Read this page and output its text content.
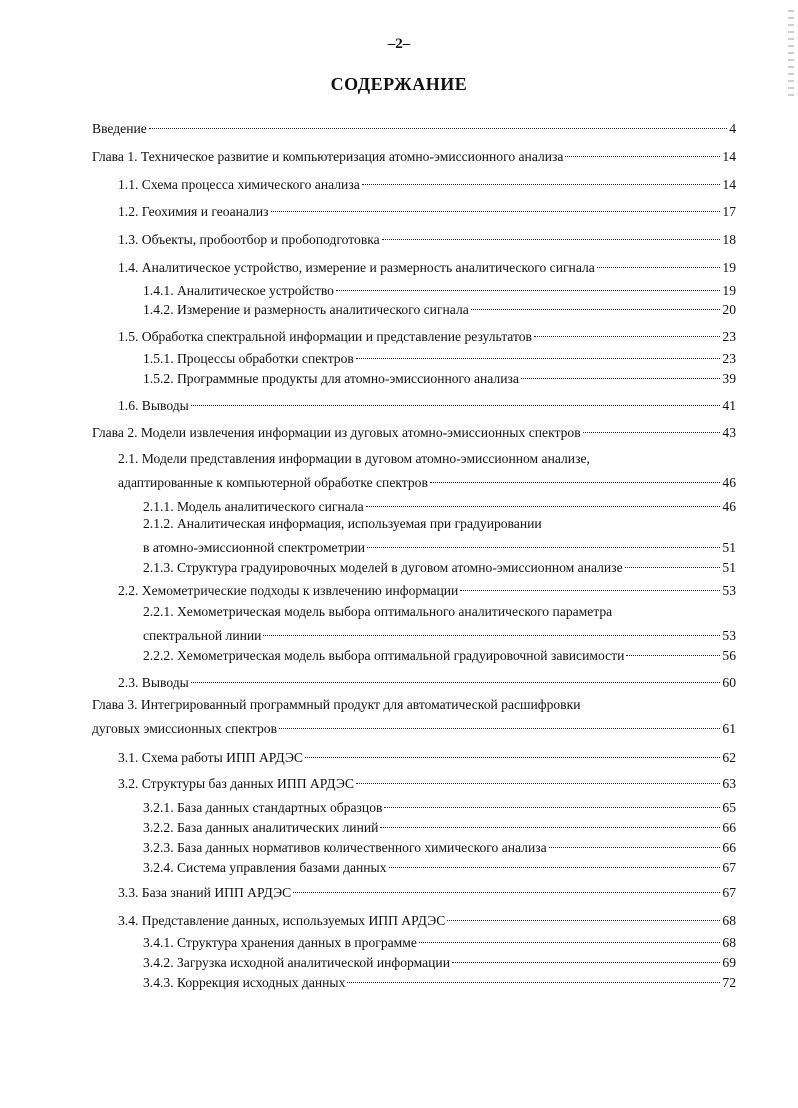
–2–
СОДЕРЖАНИЕ
Введение	4
Глава 1. Техническое развитие и компьютеризация атомно-эмиссионного анализа	14
1.1. Схема процесса химического анализа	14
1.2. Геохимия и геоанализ	17
1.3. Объекты, пробоотбор и пробоподготовка	18
1.4. Аналитическое устройство, измерение и размерность аналитического сигнала	19
1.4.1. Аналитическое устройство	19
1.4.2. Измерение и размерность аналитического сигнала	20
1.5. Обработка спектральной информации и представление результатов	23
1.5.1. Процессы обработки спектров	23
1.5.2. Программные продукты для атомно-эмиссионного анализа	39
1.6. Выводы	41
Глава 2. Модели извлечения информации из дуговых атомно-эмиссионных спектров	43
2.1. Модели представления информации в дуговом атомно-эмиссионном анализе,
адаптированные к компьютерной обработке спектров	46
2.1.1. Модель аналитического сигнала	46
2.1.2. Аналитическая информация, используемая при градуировании
в атомно-эмиссионной спектрометрии	51
2.1.3. Структура градуировочных моделей в дуговом атомно-эмиссионном анализе	51
2.2. Хемометрические подходы к извлечению информации	53
2.2.1. Хемометрическая модель выбора оптимального аналитического параметра
спектральной линии	53
2.2.2. Хемометрическая модель выбора оптимальной градуировочной зависимости	56
2.3. Выводы	60
Глава 3. Интегрированный программный продукт для автоматической расшифровки
дуговых эмиссионных спектров	61
3.1. Схема работы ИПП АРДЭС	62
3.2. Структуры баз данных ИПП АРДЭС	63
3.2.1. База данных стандартных образцов	65
3.2.2. База данных аналитических линий	66
3.2.3. База данных нормативов количественного химического анализа	66
3.2.4. Система управления базами данных	67
3.3. База знаний ИПП АРДЭС	67
3.4. Представление данных, используемых ИПП АРДЭС	68
3.4.1. Структура хранения данных в программе	68
3.4.2. Загрузка исходной аналитической информации	69
3.4.3. Коррекция исходных данных	72
